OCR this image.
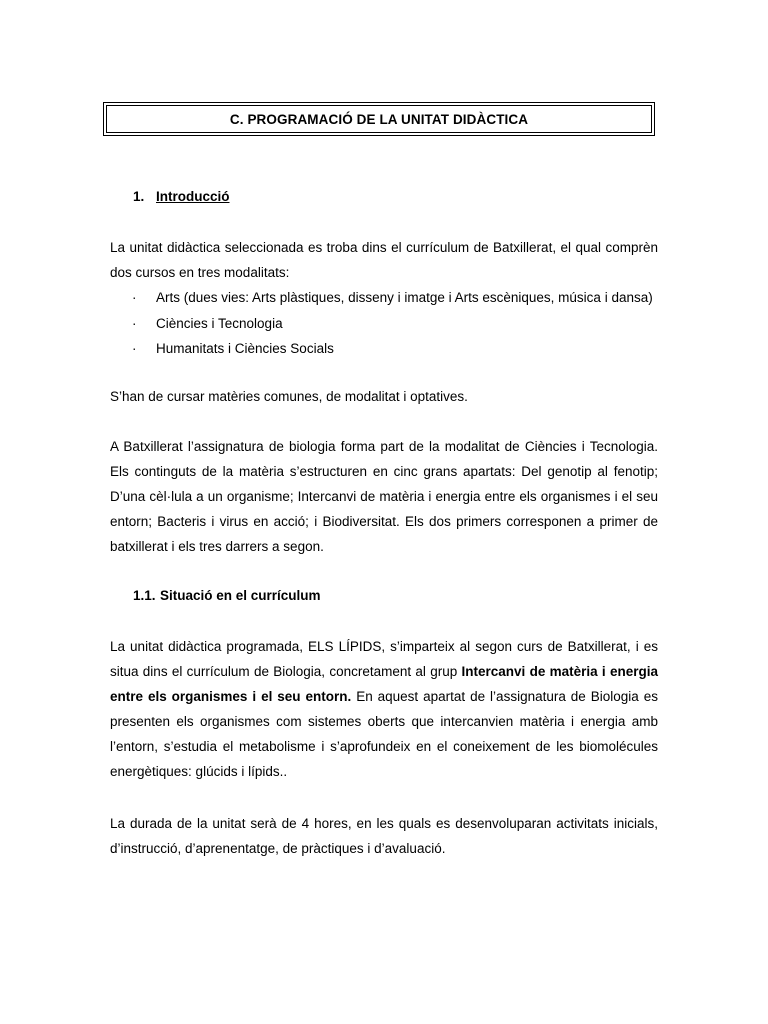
C. PROGRAMACIÓ DE LA UNITAT DIDÀCTICA
1. Introducció

La unitat didàctica seleccionada es troba dins el currículum de Batxillerat, el qual comprèn dos cursos en tres modalitats:

· Arts (dues vies: Arts plàstiques, disseny i imatge i Arts escèniques, música i dansa)
· Ciències i Tecnologia
· Humanitats i Ciències Socials

S’han de cursar matèries comunes, de modalitat i optatives.

A Batxillerat l’assignatura de biologia forma part de la modalitat de Ciències i Tecnologia. Els continguts de la matèria s’estructuren en cinc grans apartats: Del genotip al fenotip; D’una cèl·lula a un organisme; Intercanvi de matèria i energia entre els organismes i el seu entorn; Bacteris i virus en acció; i Biodiversitat. Els dos primers corresponen a primer de batxillerat i els tres darrers a segon.

1.1. Situació en el currículum

La unitat didàctica programada, ELS LÍPIDS, s’imparteix al segon curs de Batxillerat, i es situa dins el currículum de Biologia, concretament al grup Intercanvi de matèria i energia entre els organismes i el seu entorn. En aquest apartat de l’assignatura de Biologia es presenten els organismes com sistemes oberts que intercanvien matèria i energia amb l’entorn, s’estudia el metabolisme i s’aprofundeix en el coneixement de les biomolécules energètiques: glúcids i lípids..

La durada de la unitat serà de 4 hores, en les quals es desenvoluparan activitats inicials, d’instrucció, d’aprenentatge, de pràctiques i d’avaluació.
